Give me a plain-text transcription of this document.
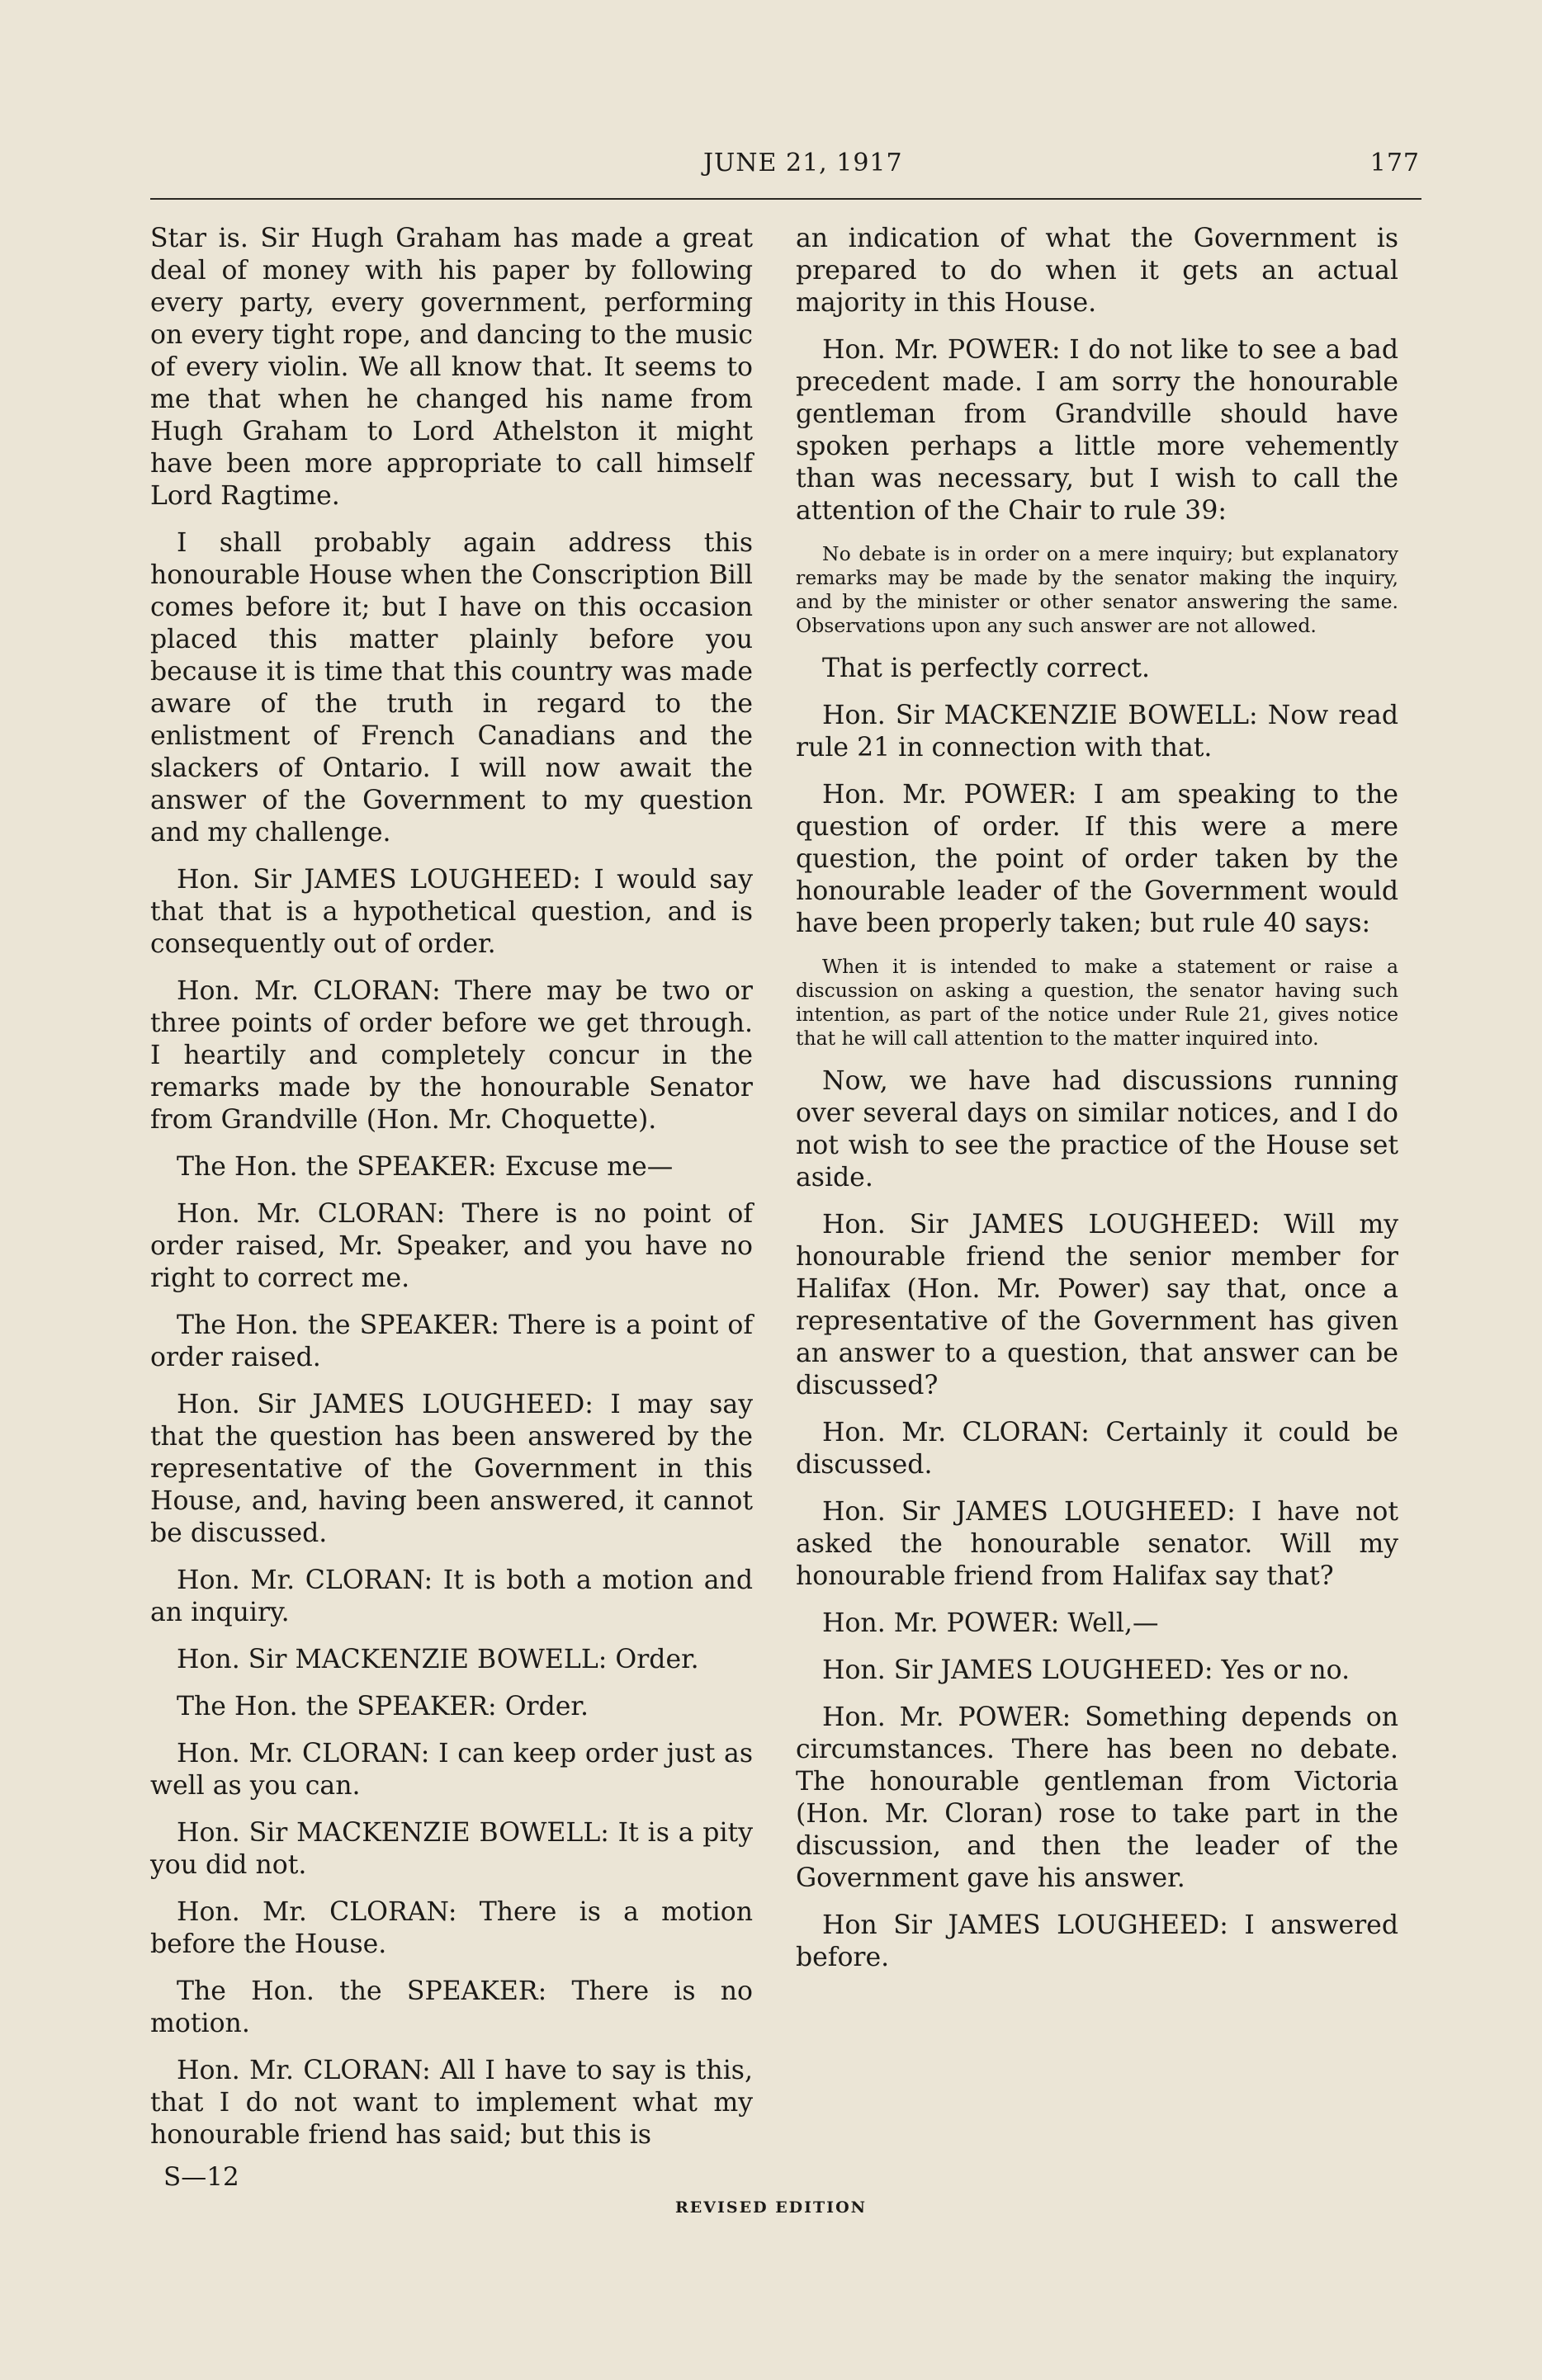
JUNE 21, 1917	177

Star is. Sir Hugh Graham has made a great deal of money with his paper by following every party, every government, performing on every tight rope, and dancing to the music of every violin. We all know that. It seems to me that when he changed his name from Hugh Graham to Lord Athelston it might have been more appropriate to call himself Lord Ragtime.

I shall probably again address this honourable House when the Conscription Bill comes before it; but I have on this occasion placed this matter plainly before you because it is time that this country was made aware of the truth in regard to the enlistment of French Canadians and the slackers of Ontario. I will now await the answer of the Government to my question and my challenge.

Hon. Sir JAMES LOUGHEED: I would say that that is a hypothetical question, and is consequently out of order.

Hon. Mr. CLORAN: There may be two or three points of order before we get through. I heartily and completely concur in the remarks made by the honourable Senator from Grandville (Hon. Mr. Choquette).

The Hon. the SPEAKER: Excuse me—

Hon. Mr. CLORAN: There is no point of order raised, Mr. Speaker, and you have no right to correct me.

The Hon. the SPEAKER: There is a point of order raised.

Hon. Sir JAMES LOUGHEED: I may say that the question has been answered by the representative of the Government in this House, and, having been answered, it cannot be discussed.

Hon. Mr. CLORAN: It is both a motion and an inquiry.

Hon. Sir MACKENZIE BOWELL: Order.

The Hon. the SPEAKER: Order.

Hon. Mr. CLORAN: I can keep order just as well as you can.

Hon. Sir MACKENZIE BOWELL: It is a pity you did not.

Hon. Mr. CLORAN: There is a motion before the House.

The Hon. the SPEAKER: There is no motion.

Hon. Mr. CLORAN: All I have to say is this, that I do not want to implement what my honourable friend has said; but this is

S—12

an indication of what the Government is prepared to do when it gets an actual majority in this House.

Hon. Mr. POWER: I do not like to see a bad precedent made. I am sorry the honourable gentleman from Grandville should have spoken perhaps a little more vehemently than was necessary, but I wish to call the attention of the Chair to rule 39:

No debate is in order on a mere inquiry; but explanatory remarks may be made by the senator making the inquiry, and by the minister or other senator answering the same. Observations upon any such answer are not allowed.

That is perfectly correct.

Hon. Sir MACKENZIE BOWELL: Now read rule 21 in connection with that.

Hon. Mr. POWER: I am speaking to the question of order. If this were a mere question, the point of order taken by the honourable leader of the Government would have been properly taken; but rule 40 says:

When it is intended to make a statement or raise a discussion on asking a question, the senator having such intention, as part of the notice under Rule 21, gives notice that he will call attention to the matter inquired into.

Now, we have had discussions running over several days on similar notices, and I do not wish to see the practice of the House set aside.

Hon. Sir JAMES LOUGHEED: Will my honourable friend the senior member for Halifax (Hon. Mr. Power) say that, once a representative of the Government has given an answer to a question, that answer can be discussed?

Hon. Mr. CLORAN: Certainly it could be discussed.

Hon. Sir JAMES LOUGHEED: I have not asked the honourable senator. Will my honourable friend from Halifax say that?

Hon. Mr. POWER: Well,—

Hon. Sir JAMES LOUGHEED: Yes or no.

Hon. Mr. POWER: Something depends on circumstances. There has been no debate. The honourable gentleman from Victoria (Hon. Mr. Cloran) rose to take part in the discussion, and then the leader of the Government gave his answer.

Hon Sir JAMES LOUGHEED: I answered before.

REVISED EDITION
